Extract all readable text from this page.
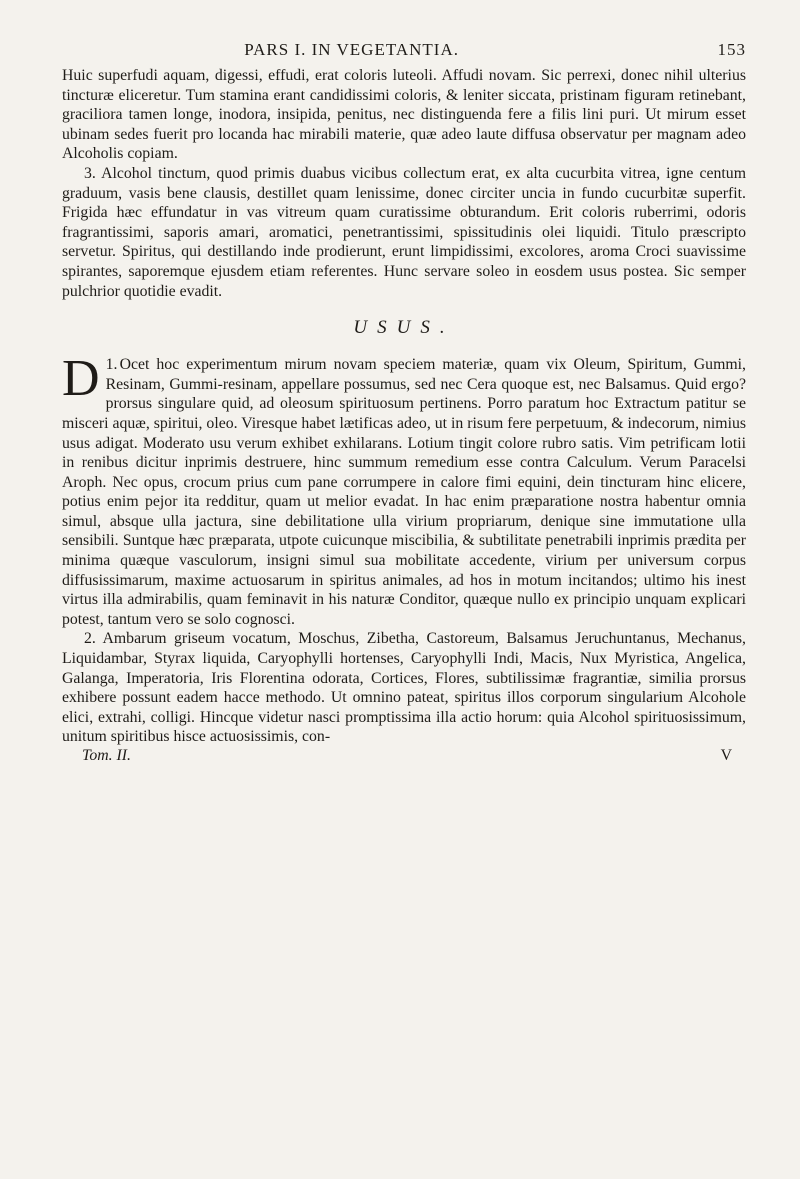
PARS I. IN VEGETANTIA.	153

Huic superfudi aquam, digessi, effudi, erat coloris luteoli. Affudi novam. Sic perrexi, donec nihil ulterius tincturæ eliceretur. Tum stamina erant candidissimi coloris, & leniter siccata, pristinam figuram retinebant, graciliora tamen longe, inodora, insipida, penitus, nec distinguenda fere a filis lini puri. Ut mirum esset ubinam sedes fuerit pro locanda hac mirabili materie, quæ adeo laute diffusa observatur per magnam adeo Alcoholis copiam.

3. Alcohol tinctum, quod primis duabus vicibus collectum erat, ex alta cucurbita vitrea, igne centum graduum, vasis bene clausis, destillet quam lenissime, donec circiter uncia in fundo cucurbitæ superfit. Frigida hæc effundatur in vas vitreum quam curatissime obturandum. Erit coloris ruberrimi, odoris fragrantissimi, saporis amari, aromatici, penetrantissimi, spissitudinis olei liquidi. Titulo præscripto servetur. Spiritus, qui destillando inde prodierunt, erunt limpidissimi, excolores, aroma Croci suavissime spirantes, saporemque ejusdem etiam referentes. Hunc servare soleo in eosdem usus postea. Sic semper pulchrior quotidie evadit.

USUS.

1.
D Ocet hoc experimentum mirum novam speciem materiæ, quam vix Oleum, Spiritum, Gummi, Resinam, Gummi-resinam, appellare possumus, sed nec Cera quoque est, nec Balsamus. Quid ergo? prorsus singulare quid, ad oleosum spirituosum pertinens. Porro paratum hoc Extractum patitur se misceri aquæ, spiritui, oleo. Viresque habet lætificas adeo, ut in risum fere perpetuum, & indecorum, nimius usus adigat. Moderato usu verum exhibet exhilarans. Lotium tingit colore rubro satis. Vim petrificam lotii in renibus dicitur inprimis destruere, hinc summum remedium esse contra Calculum. Verum Paracelsi Aroph. Nec opus, crocum prius cum pane corrumpere in calore fimi equini, dein tincturam hinc elicere, potius enim pejor ita redditur, quam ut melior evadat. In hac enim præparatione nostra habentur omnia simul, absque ulla jactura, sine debilitatione ulla virium propriarum, denique sine immutatione ulla sensibili. Suntque hæc præparata, utpote cuicunque miscibilia, & subtilitate penetrabili inprimis prædita per minima quæque vasculorum, insigni simul sua mobilitate accedente, virium per universum corpus diffusissimarum, maxime actuosarum in spiritus animales, ad hos in motum incitandos; ultimo his inest virtus illa admirabilis, quam feminavit in his naturæ Conditor, quæque nullo ex principio unquam explicari potest, tantum vero se solo cognosci.

2. Ambarum griseum vocatum, Moschus, Zibetha, Castoreum, Balsamus Jeruchuntanus, Mechanus, Liquidambar, Styrax liquida, Caryophylli hortenses, Caryophylli Indi, Macis, Nux Myristica, Angelica, Galanga, Imperatoria, Iris Florentina odorata, Cortices, Flores, subtilissimæ fragrantiæ, similia prorsus exhibere possunt eadem hacce methodo. Ut omnino pateat, spiritus illos corporum singularium Alcohole elici, extrahi, colligi. Hincque videtur nasci promptissima illa actio horum: quia Alcohol spirituosissimum, unitum spiritibus hisce actuosissimis, con-

Tom. II.	V
